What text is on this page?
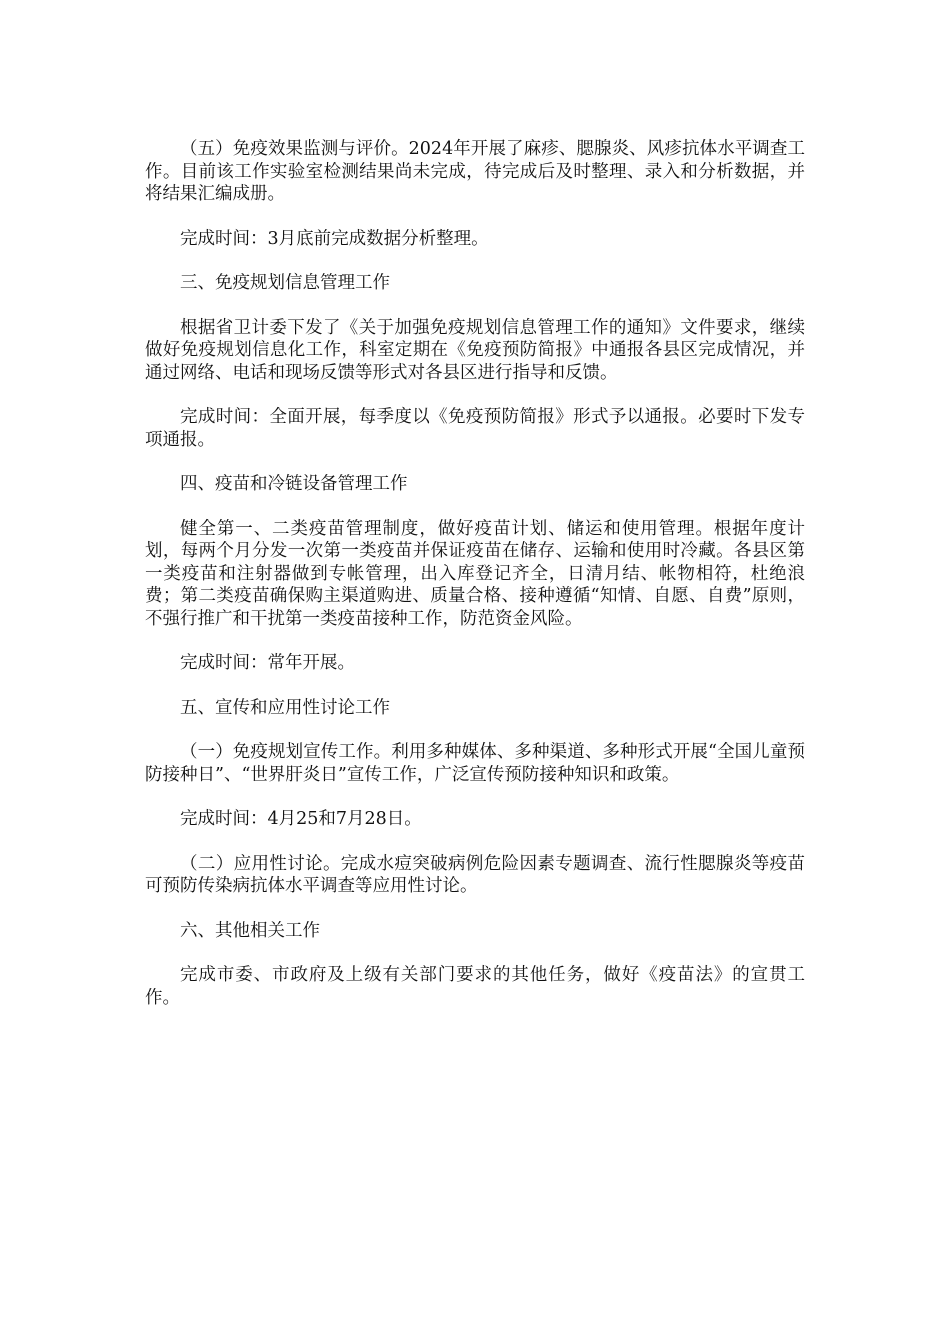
（五）免疫效果监测与评价。2024年开展了麻疹、腮腺炎、风疹抗体水平调查工作。目前该工作实验室检测结果尚未完成，待完成后及时整理、录入和分析数据，并将结果汇编成册。

完成时间：3月底前完成数据分析整理。

三、免疫规划信息管理工作

根据省卫计委下发了《关于加强免疫规划信息管理工作的通知》文件要求，继续做好免疫规划信息化工作，科室定期在《免疫预防简报》中通报各县区完成情况，并通过网络、电话和现场反馈等形式对各县区进行指导和反馈。

完成时间：全面开展，每季度以《免疫预防简报》形式予以通报。必要时下发专项通报。

四、疫苗和冷链设备管理工作

健全第一、二类疫苗管理制度，做好疫苗计划、储运和使用管理。根据年度计划，每两个月分发一次第一类疫苗并保证疫苗在储存、运输和使用时冷藏。各县区第一类疫苗和注射器做到专帐管理，出入库登记齐全，日清月结、帐物相符，杜绝浪费；第二类疫苗确保购主渠道购进、质量合格、接种遵循“知情、自愿、自费”原则，不强行推广和干扰第一类疫苗接种工作，防范资金风险。

完成时间：常年开展。

五、宣传和应用性讨论工作

（一）免疫规划宣传工作。利用多种媒体、多种渠道、多种形式开展“全国儿童预防接种日”、“世界肝炎日”宣传工作，广泛宣传预防接种知识和政策。

完成时间：4月25和7月28日。

（二）应用性讨论。完成水痘突破病例危险因素专题调查、流行性腮腺炎等疫苗可预防传染病抗体水平调查等应用性讨论。

六、其他相关工作

完成市委、市政府及上级有关部门要求的其他任务，做好《疫苗法》的宣贯工作。
